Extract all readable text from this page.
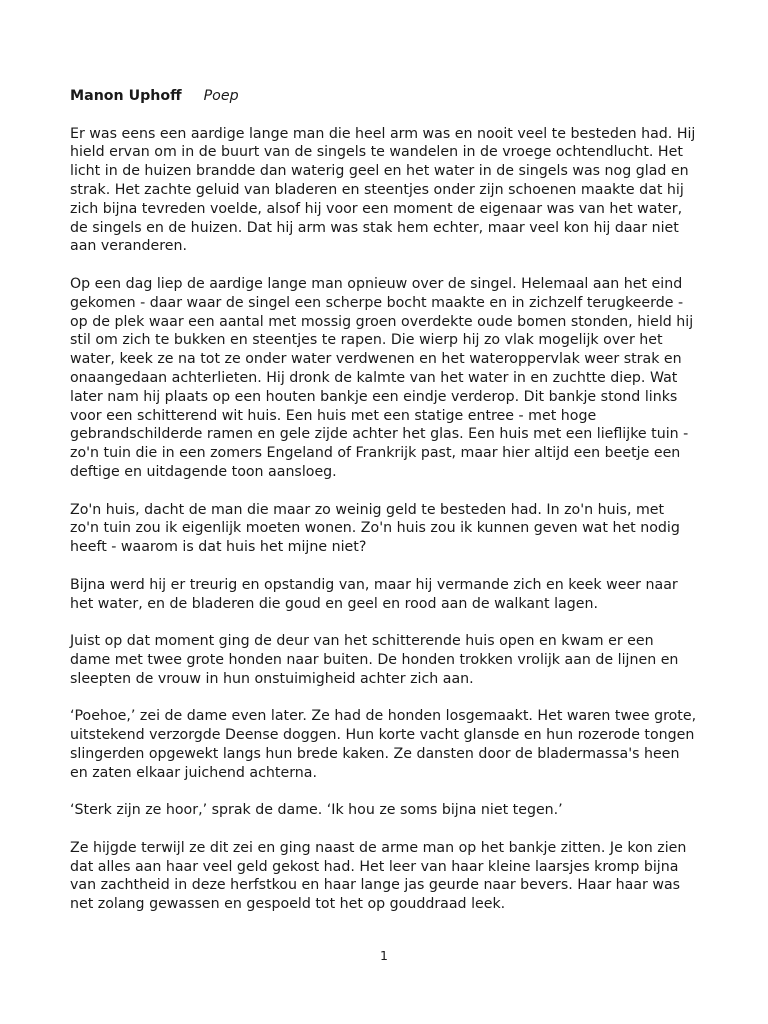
Manon Uphoff Poep

Er was eens een aardige lange man die heel arm was en nooit veel te besteden had. Hij
hield ervan om in de buurt van de singels te wandelen in de vroege ochtendlucht. Het
licht in de huizen brandde dan waterig geel en het water in de singels was nog glad en
strak. Het zachte geluid van bladeren en steentjes onder zijn schoenen maakte dat hij
zich bijna tevreden voelde, alsof hij voor een moment de eigenaar was van het water,
de singels en de huizen. Dat hij arm was stak hem echter, maar veel kon hij daar niet
aan veranderen.

Op een dag liep de aardige lange man opnieuw over de singel. Helemaal aan het eind
gekomen - daar waar de singel een scherpe bocht maakte en in zichzelf terugkeerde -
op de plek waar een aantal met mossig groen overdekte oude bomen stonden, hield hij
stil om zich te bukken en steentjes te rapen. Die wierp hij zo vlak mogelijk over het
water, keek ze na tot ze onder water verdwenen en het wateroppervlak weer strak en
onaangedaan achterlieten. Hij dronk de kalmte van het water in en zuchtte diep. Wat
later nam hij plaats op een houten bankje een eindje verderop. Dit bankje stond links
voor een schitterend wit huis. Een huis met een statige entree - met hoge
gebrandschilderde ramen en gele zijde achter het glas. Een huis met een lieflijke tuin -
zo'n tuin die in een zomers Engeland of Frankrijk past, maar hier altijd een beetje een
deftige en uitdagende toon aansloeg.

Zo'n huis, dacht de man die maar zo weinig geld te besteden had. In zo'n huis, met
zo'n tuin zou ik eigenlijk moeten wonen. Zo'n huis zou ik kunnen geven wat het nodig
heeft - waarom is dat huis het mijne niet?

Bijna werd hij er treurig en opstandig van, maar hij vermande zich en keek weer naar
het water, en de bladeren die goud en geel en rood aan de walkant lagen.

Juist op dat moment ging de deur van het schitterende huis open en kwam er een
dame met twee grote honden naar buiten. De honden trokken vrolijk aan de lijnen en
sleepten de vrouw in hun onstuimigheid achter zich aan.

‘Poehoe,’ zei de dame even later. Ze had de honden losgemaakt. Het waren twee grote,
uitstekend verzorgde Deense doggen. Hun korte vacht glansde en hun rozerode tongen
slingerden opgewekt langs hun brede kaken. Ze dansten door de bladermassa's heen
en zaten elkaar juichend achterna.

‘Sterk zijn ze hoor,’ sprak de dame. ‘Ik hou ze soms bijna niet tegen.’

Ze hijgde terwijl ze dit zei en ging naast de arme man op het bankje zitten. Je kon zien
dat alles aan haar veel geld gekost had. Het leer van haar kleine laarsjes kromp bijna
van zachtheid in deze herfstkou en haar lange jas geurde naar bevers. Haar haar was
net zolang gewassen en gespoeld tot het op gouddraad leek.

1
